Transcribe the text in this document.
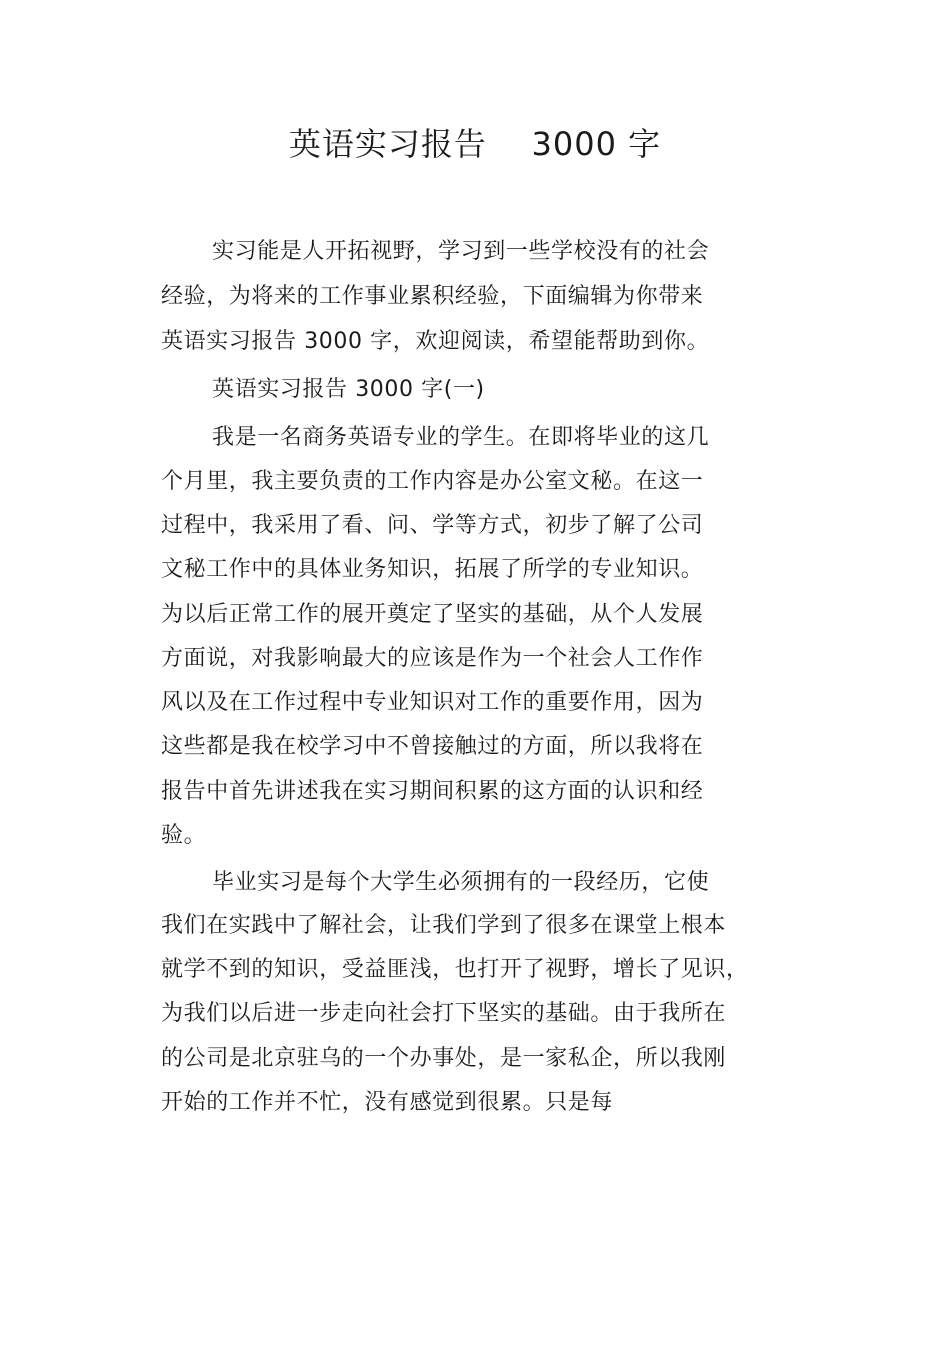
英语实习报告    3000 字

实习能是人开拓视野，学习到一些学校没有的社会

经验，为将来的工作事业累积经验，下面编辑为你带来

英语实习报告 3000 字，欢迎阅读，希望能帮助到你。

英语实习报告 3000 字(一)

我是一名商务英语专业的学生。在即将毕业的这几

个月里，我主要负责的工作内容是办公室文秘。在这一

过程中，我采用了看、问、学等方式，初步了解了公司

文秘工作中的具体业务知识，拓展了所学的专业知识。

为以后正常工作的展开奠定了坚实的基础，从个人发展

方面说，对我影响最大的应该是作为一个社会人工作作

风以及在工作过程中专业知识对工作的重要作用，因为

这些都是我在校学习中不曾接触过的方面，所以我将在

报告中首先讲述我在实习期间积累的这方面的认识和经

验。

毕业实习是每个大学生必须拥有的一段经历，它使

我们在实践中了解社会，让我们学到了很多在课堂上根本

就学不到的知识，受益匪浅，也打开了视野，增长了见识，

为我们以后进一步走向社会打下坚实的基础。由于我所在

的公司是北京驻乌的一个办事处，是一家私企，所以我刚

开始的工作并不忙，没有感觉到很累。只是每
